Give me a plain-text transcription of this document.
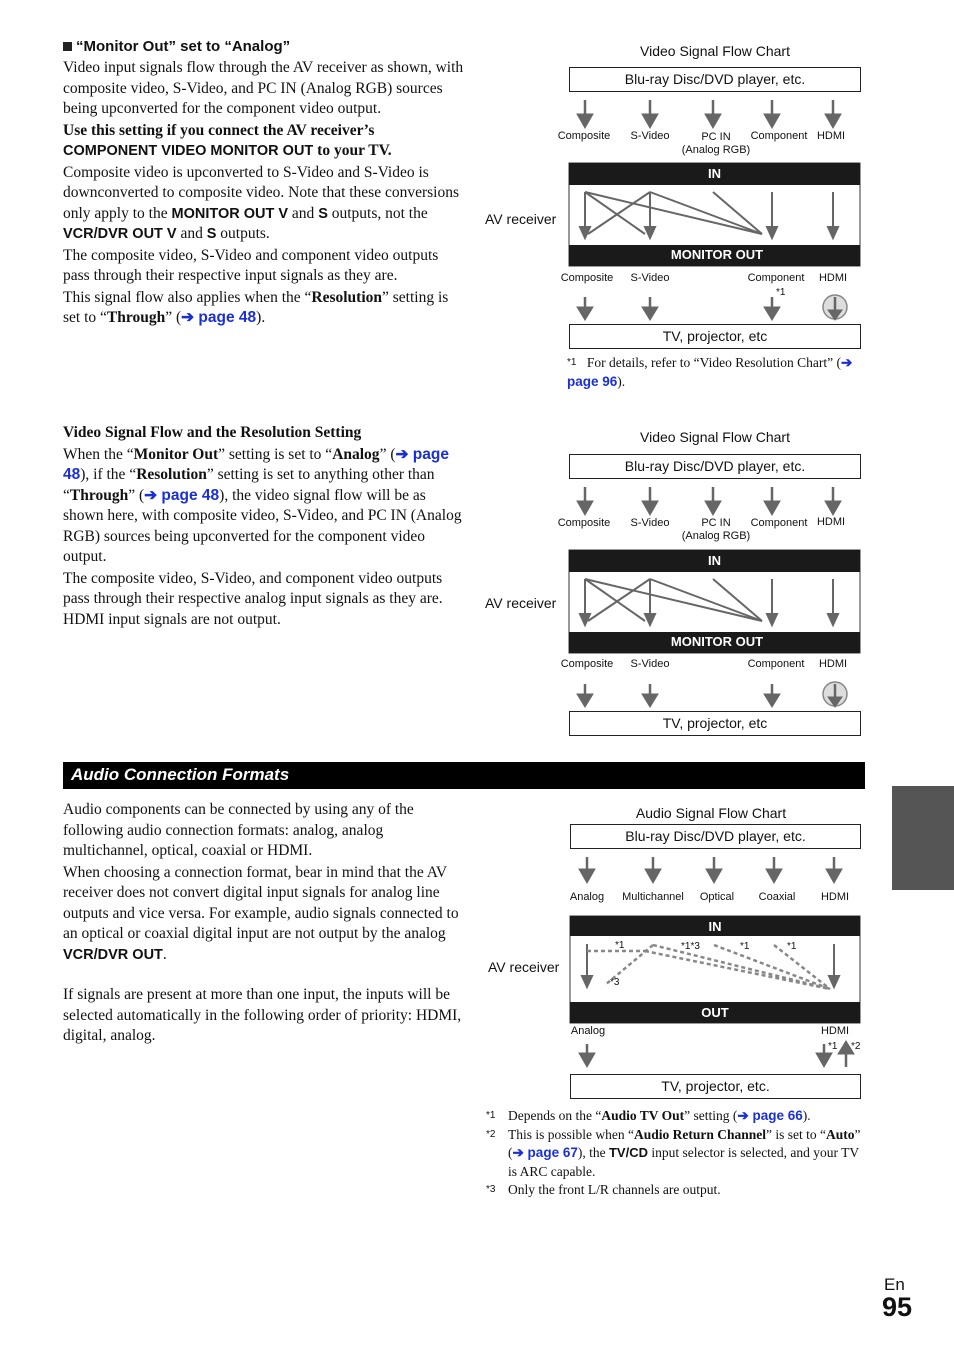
“Monitor Out” set to “Analog”

Video input signals flow through the AV receiver as shown, with composite video, S-Video, and PC IN (Analog RGB) sources being upconverted for the component video output.

Use this setting if you connect the AV receiver’s COMPONENT VIDEO MONITOR OUT to your TV.

Composite video is upconverted to S-Video and S-Video is downconverted to composite video. Note that these conversions only apply to the MONITOR OUT V and S outputs, not the VCR/DVR OUT V and S outputs.

The composite video, S-Video and component video outputs pass through their respective input signals as they are.

This signal flow also applies when the “Resolution” setting is set to “Through” (➔ page 48).

Video Signal Flow and the Resolution Setting

When the “Monitor Out” setting is set to “Analog” (➔ page 48), if the “Resolution” setting is set to anything other than “Through” (➔ page 48), the video signal flow will be as shown here, with composite video, S-Video, and PC IN (Analog RGB) sources being upconverted for the component video output.

The composite video, S-Video, and component video outputs pass through their respective analog input signals as they are. HDMI input signals are not output.

Video Signal Flow Chart
Blu-ray Disc/DVD player, etc.
Composite	S-Video	PC IN
(Analog RGB)
Component HDMI
IN
AV receiver
MONITOR OUT
Composite	S-Video	Component	HDMI
*1
TV, projector, etc
$^{*1}$ For details, refer to “Video Resolution Chart” (➔ page 96).
Video Signal Flow Chart
Blu-ray Disc/DVD player, etc.
Composite	S-Video	PC IN
(Analog RGB)
Component HDMI
IN
AV receiver
MONITOR OUT
Composite	S-Video	Component	HDMI
TV, projector, etc
Audio Connection Formats

Audio components can be connected by using any of the following audio connection formats: analog, analog multichannel, optical, coaxial or HDMI.

When choosing a connection format, bear in mind that the AV receiver does not convert digital input signals for analog line outputs and vice versa. For example, audio signals connected to an optical or coaxial digital input are not output by the analog VCR/DVR OUT.

If signals are present at more than one input, the inputs will be selected automatically in the following order of priority: HDMI, digital, analog.

Audio Signal Flow Chart
Blu-ray Disc/DVD player, etc.
Analog	Multichannel	Optical	Coaxial	HDMI
IN
*1	*1*3	*1	*1
*3
AV receiver
OUT
Analog	HDMI
*1 *2
TV, projector, etc.
*1 Depends on the “Audio TV Out” setting (➔ page 66).
*2 This is possible when “Audio Return Channel” is set to “Auto” (➔ page 67), the TV/CD input selector is selected, and your TV is ARC capable.
*3 Only the front L/R channels are output.
En
95
